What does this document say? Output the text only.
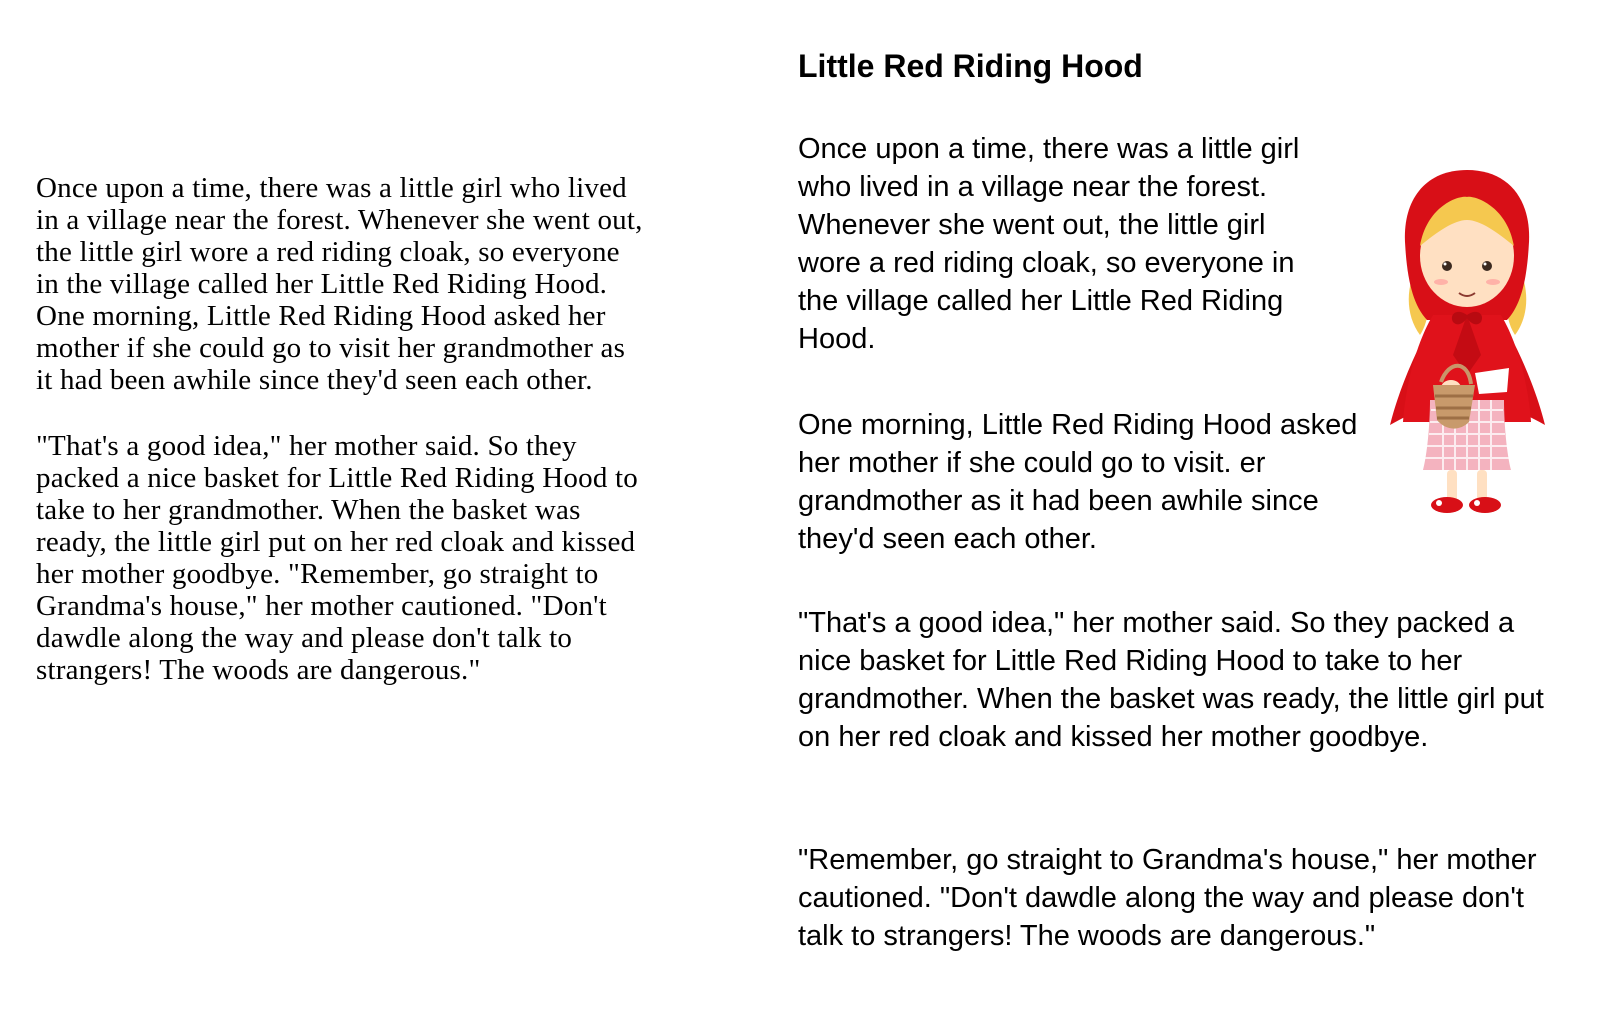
Once upon a time, there was a little girl who lived in a village near the forest. Whenever she went out, the little girl wore a red riding cloak, so everyone in the village called her Little Red Riding Hood. One morning, Little Red Riding Hood asked her mother if she could go to visit her grandmother as it had been awhile since they'd seen each other.

"That's a good idea," her mother said. So they packed a nice basket for Little Red Riding Hood to take to her grandmother. When the basket was ready, the little girl put on her red cloak and kissed her mother goodbye. "Remember, go straight to Grandma's house," her mother cautioned. "Don't dawdle along the way and please don't talk to strangers! The woods are dangerous."

Little Red Riding Hood

Once upon a time, there was a little girl who lived in a village near the forest. Whenever she went out, the little girl wore a red riding cloak, so everyone in the village called her Little Red Riding Hood.

One morning, Little Red Riding Hood asked her mother if she could go to visit. er grandmother as it had been awhile since they'd seen each other.

"That's a good idea," her mother said. So they packed a nice basket for Little Red Riding Hood to take to her grandmother. When the basket was ready, the little girl put on her red cloak and kissed her mother goodbye.

"Remember, go straight to Grandma's house," her mother cautioned. "Don't dawdle along the way and please don't talk to strangers! The woods are dangerous."
